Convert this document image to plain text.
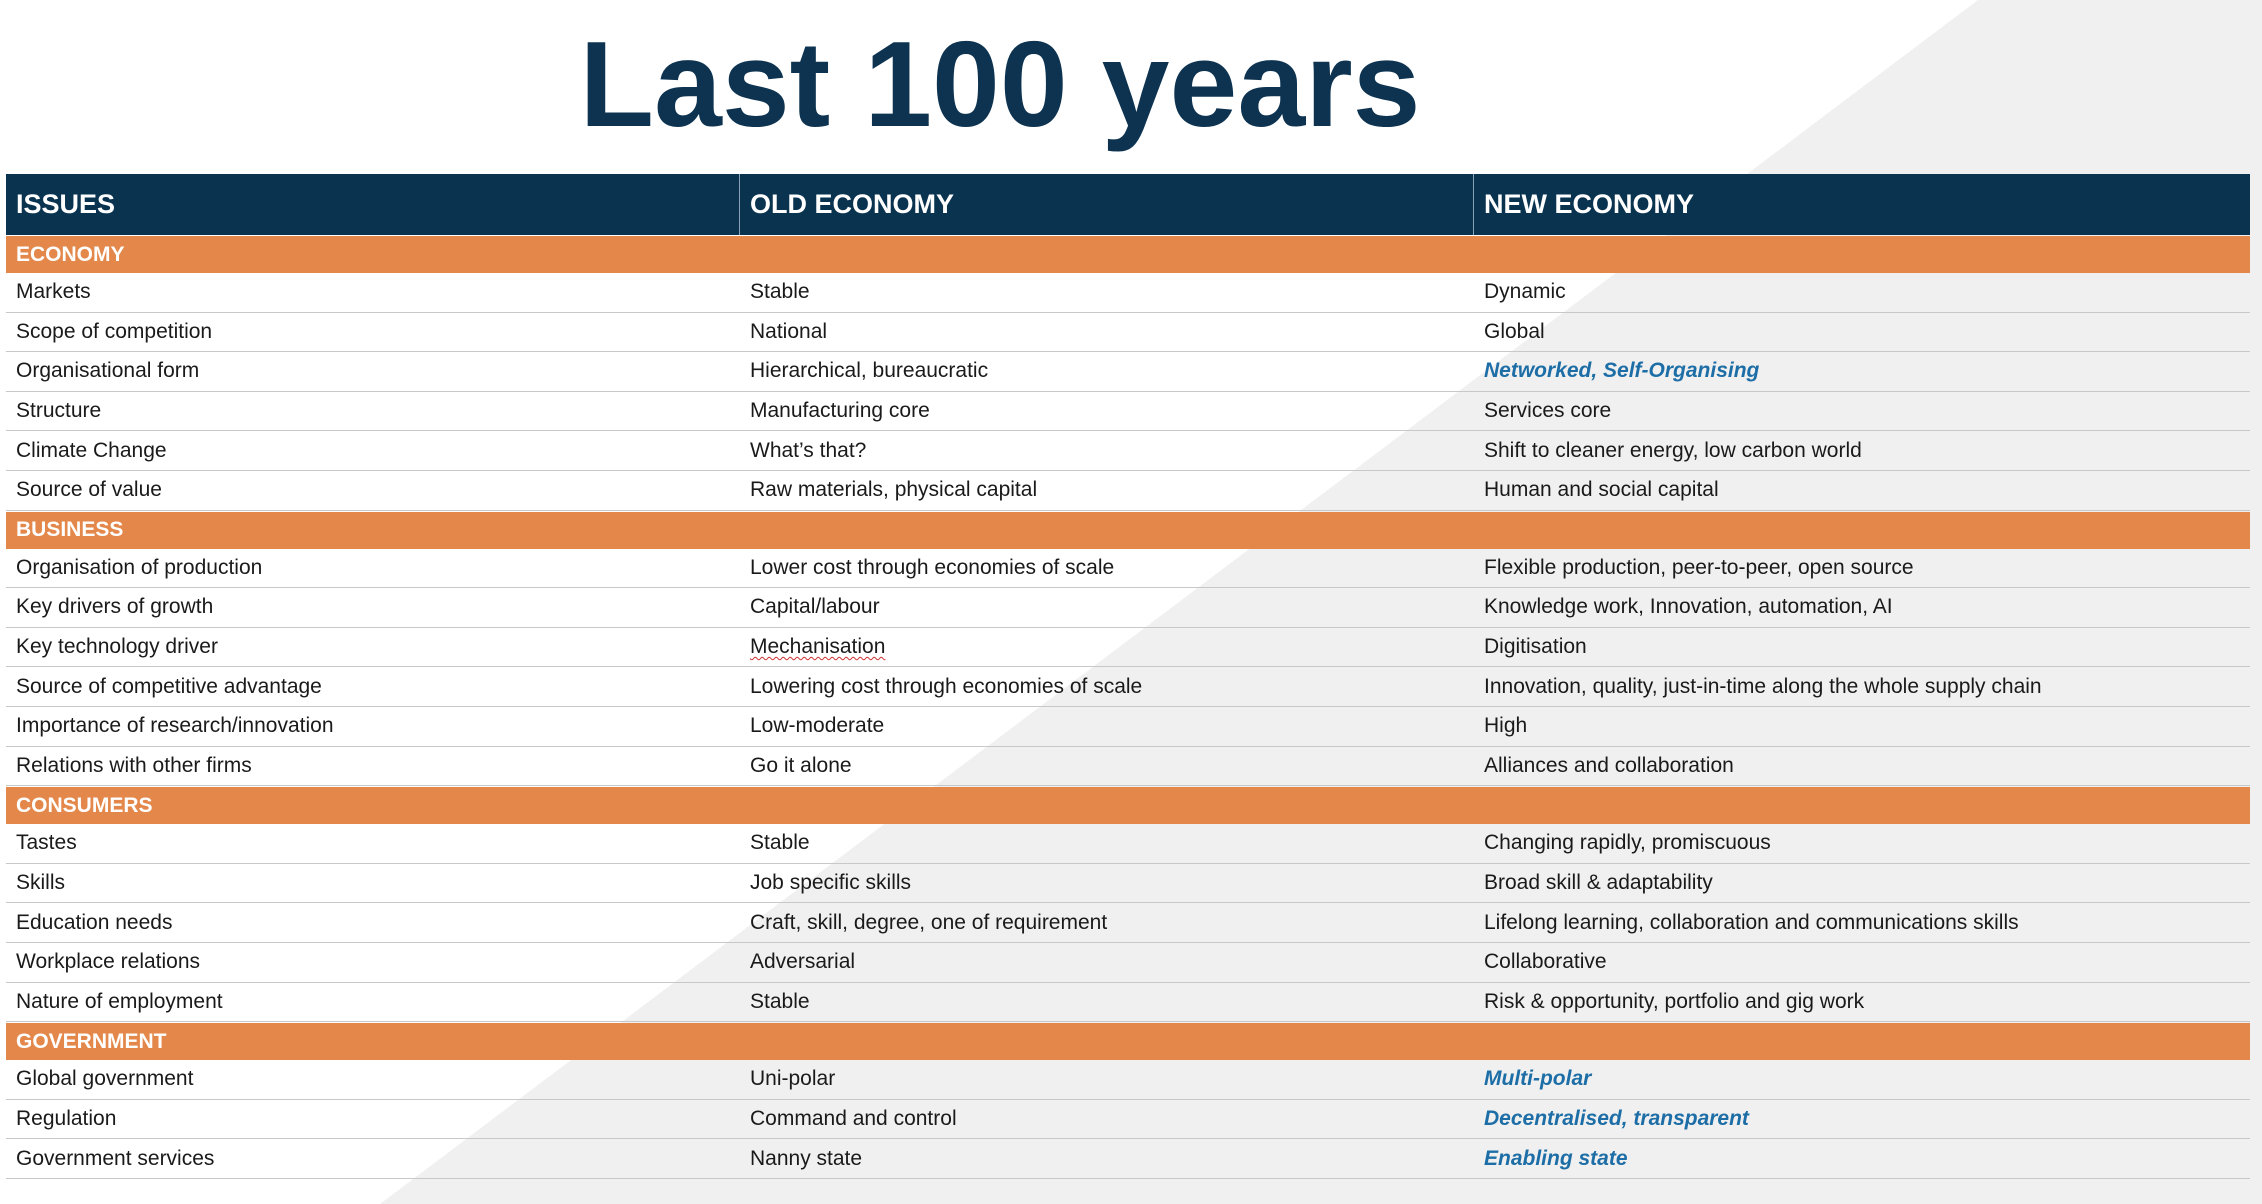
Last 100 years
ISSUES	OLD ECONOMY	NEW ECONOMY
ECONOMY
Markets	Stable	Dynamic
Scope of competition	National	Global
Organisational form	Hierarchical, bureaucratic	Networked, Self-Organising
Structure	Manufacturing core	Services core
Climate Change	What’s that?	Shift to cleaner energy, low carbon world
Source of value	Raw materials, physical capital	Human and social capital
BUSINESS
Organisation of production	Lower cost through economies of scale	Flexible production, peer-to-peer, open source
Key drivers of growth	Capital/labour	Knowledge work, Innovation, automation, AI
Key technology driver	Mechanisation	Digitisation
Source of competitive advantage	Lowering cost through economies of scale	Innovation, quality, just-in-time along the whole supply chain
Importance of research/innovation	Low-moderate	High
Relations with other firms	Go it alone	Alliances and collaboration
CONSUMERS
Tastes	Stable	Changing rapidly, promiscuous
Skills	Job specific skills	Broad skill & adaptability
Education needs	Craft, skill, degree, one of requirement	Lifelong learning, collaboration and communications skills
Workplace relations	Adversarial	Collaborative
Nature of employment	Stable	Risk & opportunity, portfolio and gig work
GOVERNMENT
Global government	Uni-polar	Multi-polar
Regulation	Command and control	Decentralised, transparent
Government services	Nanny state	Enabling state
